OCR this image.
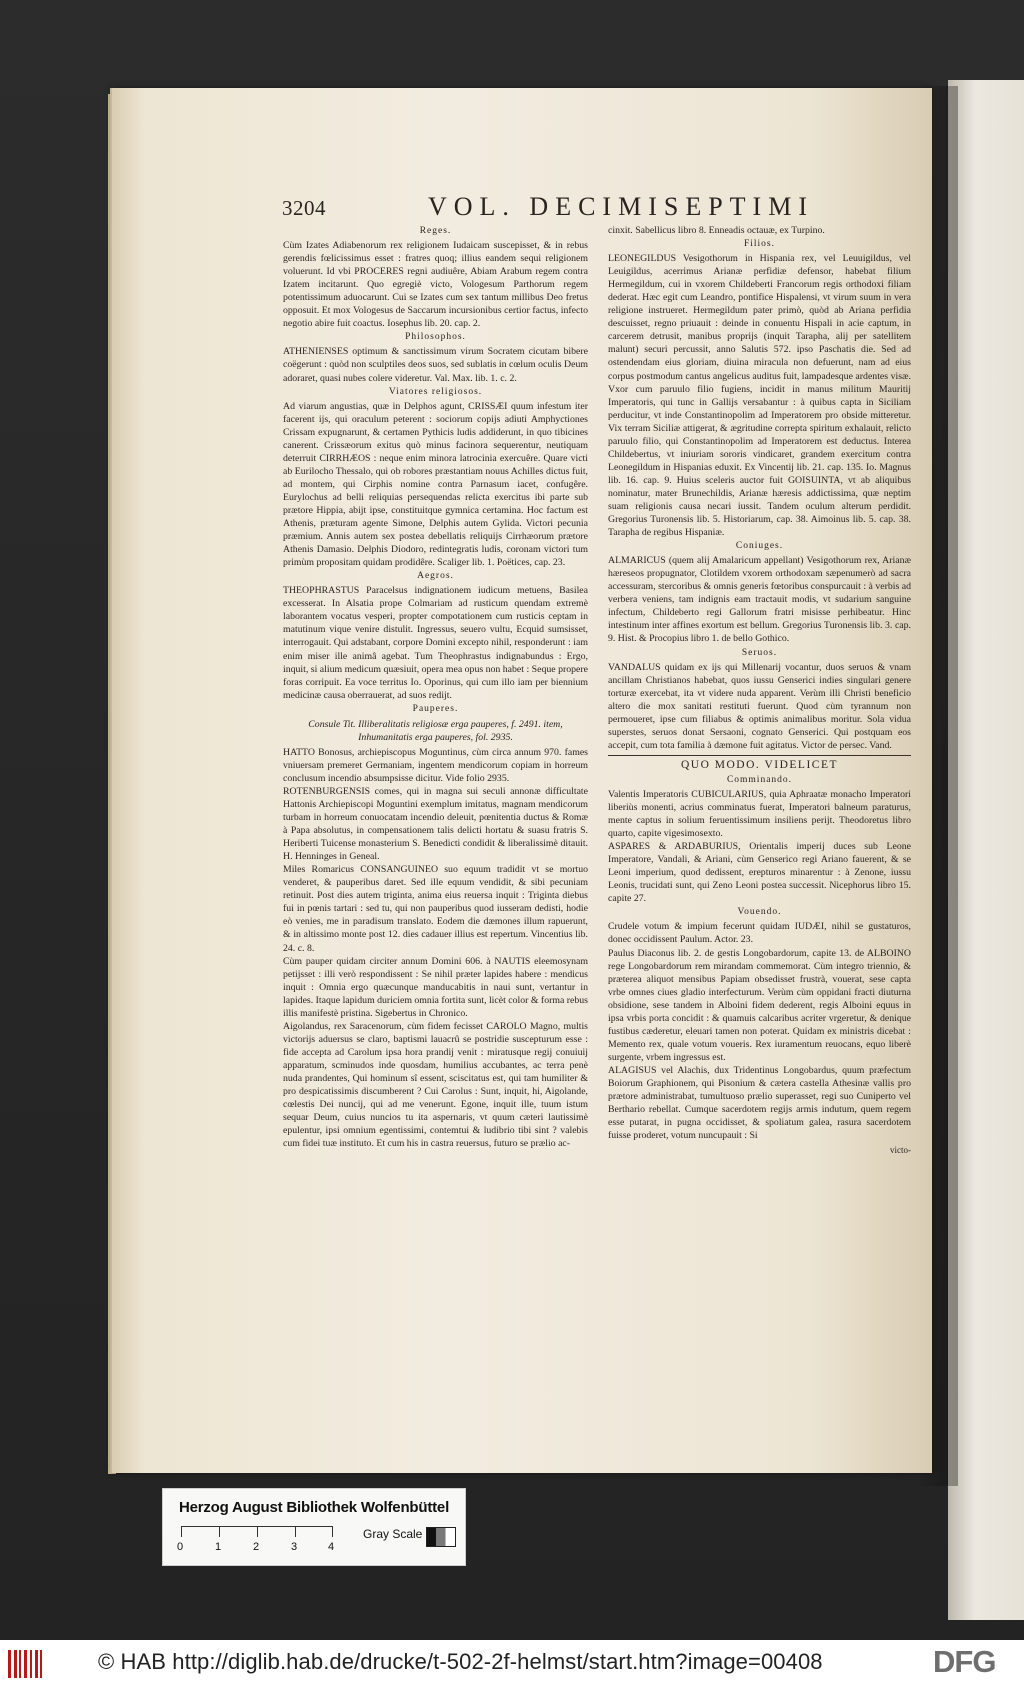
3204	VOL. DECIMISEPTIMI
Reges.

Cùm Izates Adiabenorum rex religionem Iudaicam suscepisset, & in rebus gerendis fœlicissimus esset : fratres quoq; illius eandem sequi religionem voluerunt. Id vbi PROCERES regni audiuêre, Abiam Arabum regem contra Izatem incitarunt. Quo egregiè victo, Vologesum Parthorum regem potentissimum aduocarunt. Cui se Izates cum sex tantum millibus Deo fretus opposuit. Et mox Vologesus de Saccarum incursionibus certior factus, infecto negotio abire fuit coactus. Iosephus lib. 20. cap. 2.

Philosophos.

ATHENIENSES optimum & sanctissimum virum Socratem cicutam bibere coëgerunt : quòd non sculptiles deos suos, sed sublatis in cœlum oculis Deum adoraret, quasi nubes colere videretur. Val. Max. lib. 1. c. 2.

Viatores religiosos.

Ad viarum angustias, quæ in Delphos agunt, CRISSÆI quum infestum iter facerent ijs, qui oraculum peterent : sociorum copijs adiuti Amphyctiones Crissam expugnarunt, & certamen Pythicis ludis addiderunt, in quo tibicines canerent. Crissæorum exitus quò minus facinora sequerentur, neutiquam deterruit CIRRHÆOS : neque enim minora latrocinia exercuêre. Quare victi ab Eurilocho Thessalo, qui ob robores præstantiam nouus Achilles dictus fuit, ad montem, qui Cirphis nomine contra Parnasum iacet, confugêre. Eurylochus ad belli reliquias persequendas relicta exercitus ibi parte sub prætore Hippia, abijt ipse, constituitque gymnica certamina. Hoc factum est Athenis, præturam agente Simone, Delphis autem Gylida. Victori pecunia præmium. Annis autem sex postea debellatis reliquijs Cirrhæorum prætore Athenis Damasio. Delphis Diodoro, redintegratis ludis, coronam victori tum primùm propositam quidam prodidêre. Scaliger lib. 1. Poëtices, cap. 23.

Aegros.

THEOPHRASTUS Paracelsus indignationem iudicum metuens, Basilea excesserat. In Alsatia prope Colmariam ad rusticum quendam extremè laborantem vocatus vesperi, propter compotationem cum rusticis ceptam in matutinum vique venire distulit. Ingressus, seuero vultu, Ecquid sumsisset, interrogauit. Qui adstabant, corpore Domini excepto nihil, responderunt : iam enim miser ille animâ agebat. Tum Theophrastus indignabundus : Ergo, inquit, si alium medicum quæsiuit, opera mea opus non habet : Seque propere foras corripuit. Ea voce territus Io. Oporinus, qui cum illo iam per biennium medicinæ causa oberrauerat, ad suos redijt.

Pauperes.
Consule Tit. Illiberalitatis religiosæ erga pauperes, f. 2491. item, Inhumanitatis erga pauperes, fol. 2935.

HATTO Bonosus, archiepiscopus Moguntinus, cùm circa annum 970. fames vniuersam premeret Germaniam, ingentem mendicorum copiam in horreum conclusum incendio absumpsisse dicitur. Vide folio 2935.

ROTENBURGENSIS comes, qui in magna sui seculi annonæ difficultate Hattonis Archiepiscopi Moguntini exemplum imitatus, magnam mendicorum turbam in horreum conuocatam incendio deleuit, pœnitentia ductus & Romæ à Papa absolutus, in compensationem talis delicti hortatu & suasu fratris S. Heriberti Tuicense monasterium S. Benedicti condidit & liberalissimè ditauit. H. Henninges in Geneal.

Miles Romaricus CONSANGUINEO suo equum tradidit vt se mortuo venderet, & pauperibus daret. Sed ille equum vendidit, & sibi pecuniam retinuit. Post dies autem triginta, anima eius reuersa inquit : Triginta diebus fui in pœnis tartari : sed tu, qui non pauperibus quod iusseram dedisti, hodie eò venies, me in paradisum translato. Eodem die dæmones illum rapuerunt, & in altissimo monte post 12. dies cadauer illius est repertum. Vincentius lib. 24. c. 8.

Cùm pauper quidam circiter annum Domini 606. à NAUTIS eleemosynam petijsset : illi verò respondissent : Se nihil præter lapides habere : mendicus inquit : Omnia ergo quæcunque manducabitis in naui sunt, vertantur in lapides. Itaque lapidum duriciem omnia fortita sunt, licèt color & forma rebus illis manifestè pristina. Sigebertus in Chronico.

Aigolandus, rex Saracenorum, cùm fidem fecisset CAROLO Magno, multis victorijs aduersus se claro, baptismi lauacrû se postridie suscepturum esse : fide accepta ad Carolum ipsa hora prandij venit : miratusque regij conuiuij apparatum, scminudos inde quosdam, humilius accubantes, ac terra penè nuda prandentes, Qui hominum sî essent, sciscitatus est, qui tam humiliter & pro despicatissimis discumberent ? Cui Carolus : Sunt, inquit, hi, Aigolande, cœlestis Dei nuncij, qui ad me venerunt. Egone, inquit ille, tuum istum sequar Deum, cuius nuncios tu ita aspernaris, vt quum cæteri lautissimè epulentur, ipsi omnium egentissimi, contemtui & ludibrio tibi sint ? valebis cum fidei tuæ instituto. Et cum his in castra reuersus, futuro se prælio ac-

cinxit. Sabellicus libro 8. Enneadis octauæ, ex Turpino.

Filios.

LEONEGILDUS Vesigothorum in Hispania rex, vel Leuuigildus, vel Leuigildus, acerrimus Arianæ perfidiæ defensor, habebat filium Hermegildum, cui in vxorem Childeberti Francorum regis orthodoxi filiam dederat. Hæc egit cum Leandro, pontifice Hispalensi, vt virum suum in vera religione instrueret. Hermegildum pater primò, quòd ab Ariana perfidia descuisset, regno priuauit : deinde in conuentu Hispali in acie captum, in carcerem detrusit, manibus proprijs (inquit Tarapha, alij per satellitem malunt) securi percussit, anno Salutis 572. ipso Paschatis die. Sed ad ostendendam eius gloriam, diuina miracula non defuerunt, nam ad eius corpus postmodum cantus angelicus auditus fuit, lampadesque ardentes visæ. Vxor cum paruulo filio fugiens, incidit in manus militum Mauritij Imperatoris, qui tunc in Gallijs versabantur : à quibus capta in Siciliam perducitur, vt inde Constantinopolim ad Imperatorem pro obside mitteretur. Vix terram Siciliæ attigerat, & ægritudine correpta spiritum exhalauit, relicto paruulo filio, qui Constantinopolim ad Imperatorem est deductus. Interea Childebertus, vt iniuriam sororis vindicaret, grandem exercitum contra Leonegildum in Hispanias eduxit. Ex Vincentij lib. 21. cap. 135. Io. Magnus lib. 16. cap. 9. Huius sceleris auctor fuit GOISUINTA, vt ab aliquibus nominatur, mater Brunechildis, Arianæ hæresis addictissima, quæ neptim suam religionis causa necari iussit. Tandem oculum alterum perdidit. Gregorius Turonensis lib. 5. Historiarum, cap. 38. Aimoinus lib. 5. cap. 38. Tarapha de regibus Hispaniæ.

Coniuges.

ALMARICUS (quem alij Amalaricum appellant) Vesigothorum rex, Arianæ hæreseos propugnator, Clotildem vxorem orthodoxam sæpenumerò ad sacra accessuram, stercoribus & omnis generis fœtoribus conspurcauit : à verbis ad verbera veniens, tam indignis eam tractauit modis, vt sudarium sanguine infectum, Childeberto regi Gallorum fratri misisse perhibeatur. Hinc intestinum inter affines exortum est bellum. Gregorius Turonensis lib. 3. cap. 9. Hist. & Procopius libro 1. de bello Gothico.

Seruos.

VANDALUS quidam ex ijs qui Millenarij vocantur, duos seruos & vnam ancillam Christianos habebat, quos iussu Genserici indies singulari genere torturæ exercebat, ita vt videre nuda apparent. Verùm illi Christi beneficio altero die mox sanitati restituti fuerunt. Quod cùm tyrannum non permoueret, ipse cum filiabus & optimis animalibus moritur. Sola vidua superstes, seruos donat Sersaoni, cognato Genserici. Qui postquam eos accepit, cum tota familia à dæmone fuit agitatus. Victor de persec. Vand.

QUO MODO. VIDELICET
Comminando.

Valentis Imperatoris CUBICULARIUS, quia Aphraatæ monacho Imperatori liberiùs monenti, acrius comminatus fuerat, Imperatori balneum paraturus, mente captus in solium feruentissimum insiliens perijt. Theodoretus libro quarto, capite vigesimosexto.

ASPARES & ARDABURIUS, Orientalis imperij duces sub Leone Imperatore, Vandali, & Ariani, cùm Genserico regi Ariano fauerent, & se Leoni imperium, quod dedissent, erepturos minarentur : à Zenone, iussu Leonis, trucidati sunt, qui Zeno Leoni postea successit. Nicephorus libro 15. capite 27.

Vouendo.

Crudele votum & impium fecerunt quidam IUDÆI, nihil se gustaturos, donec occidissent Paulum. Actor. 23.

Paulus Diaconus lib. 2. de gestis Longobardorum, capite 13. de ALBOINO rege Longobardorum rem mirandam commemorat. Cùm integro triennio, & præterea aliquot mensibus Papiam obsedisset frustrà, vouerat, sese capta vrbe omnes ciues gladio interfecturum. Verùm cùm oppidani fracti diuturna obsidione, sese tandem in Alboini fidem dederent, regis Alboini equus in ipsa vrbis porta concidit : & quamuis calcaribus acriter vrgeretur, & denique fustibus cæderetur, eleuari tamen non poterat. Quidam ex ministris dicebat : Memento rex, quale votum voueris. Rex iuramentum reuocans, equo liberè surgente, vrbem ingressus est.

ALAGISUS vel Alachis, dux Tridentinus Longobardus, quum præfectum Boiorum Graphionem, qui Pisonium & cætera castella Athesinæ vallis pro prætore administrabat, tumultuoso prælio superasset, regi suo Cuniperto vel Berthario rebellat. Cumque sacerdotem regijs armis indutum, quem regem esse putarat, in pugna occidisset, & spoliatum galea, rasura sacerdotem fuisse proderet, votum nuncupauit : Si

victo-
Herzog August Bibliothek Wolfenbüttel
0	1	2	3	4
Gray Scale
© HAB http://diglib.hab.de/drucke/t-502-2f-helmst/start.htm?image=00408	DFG
